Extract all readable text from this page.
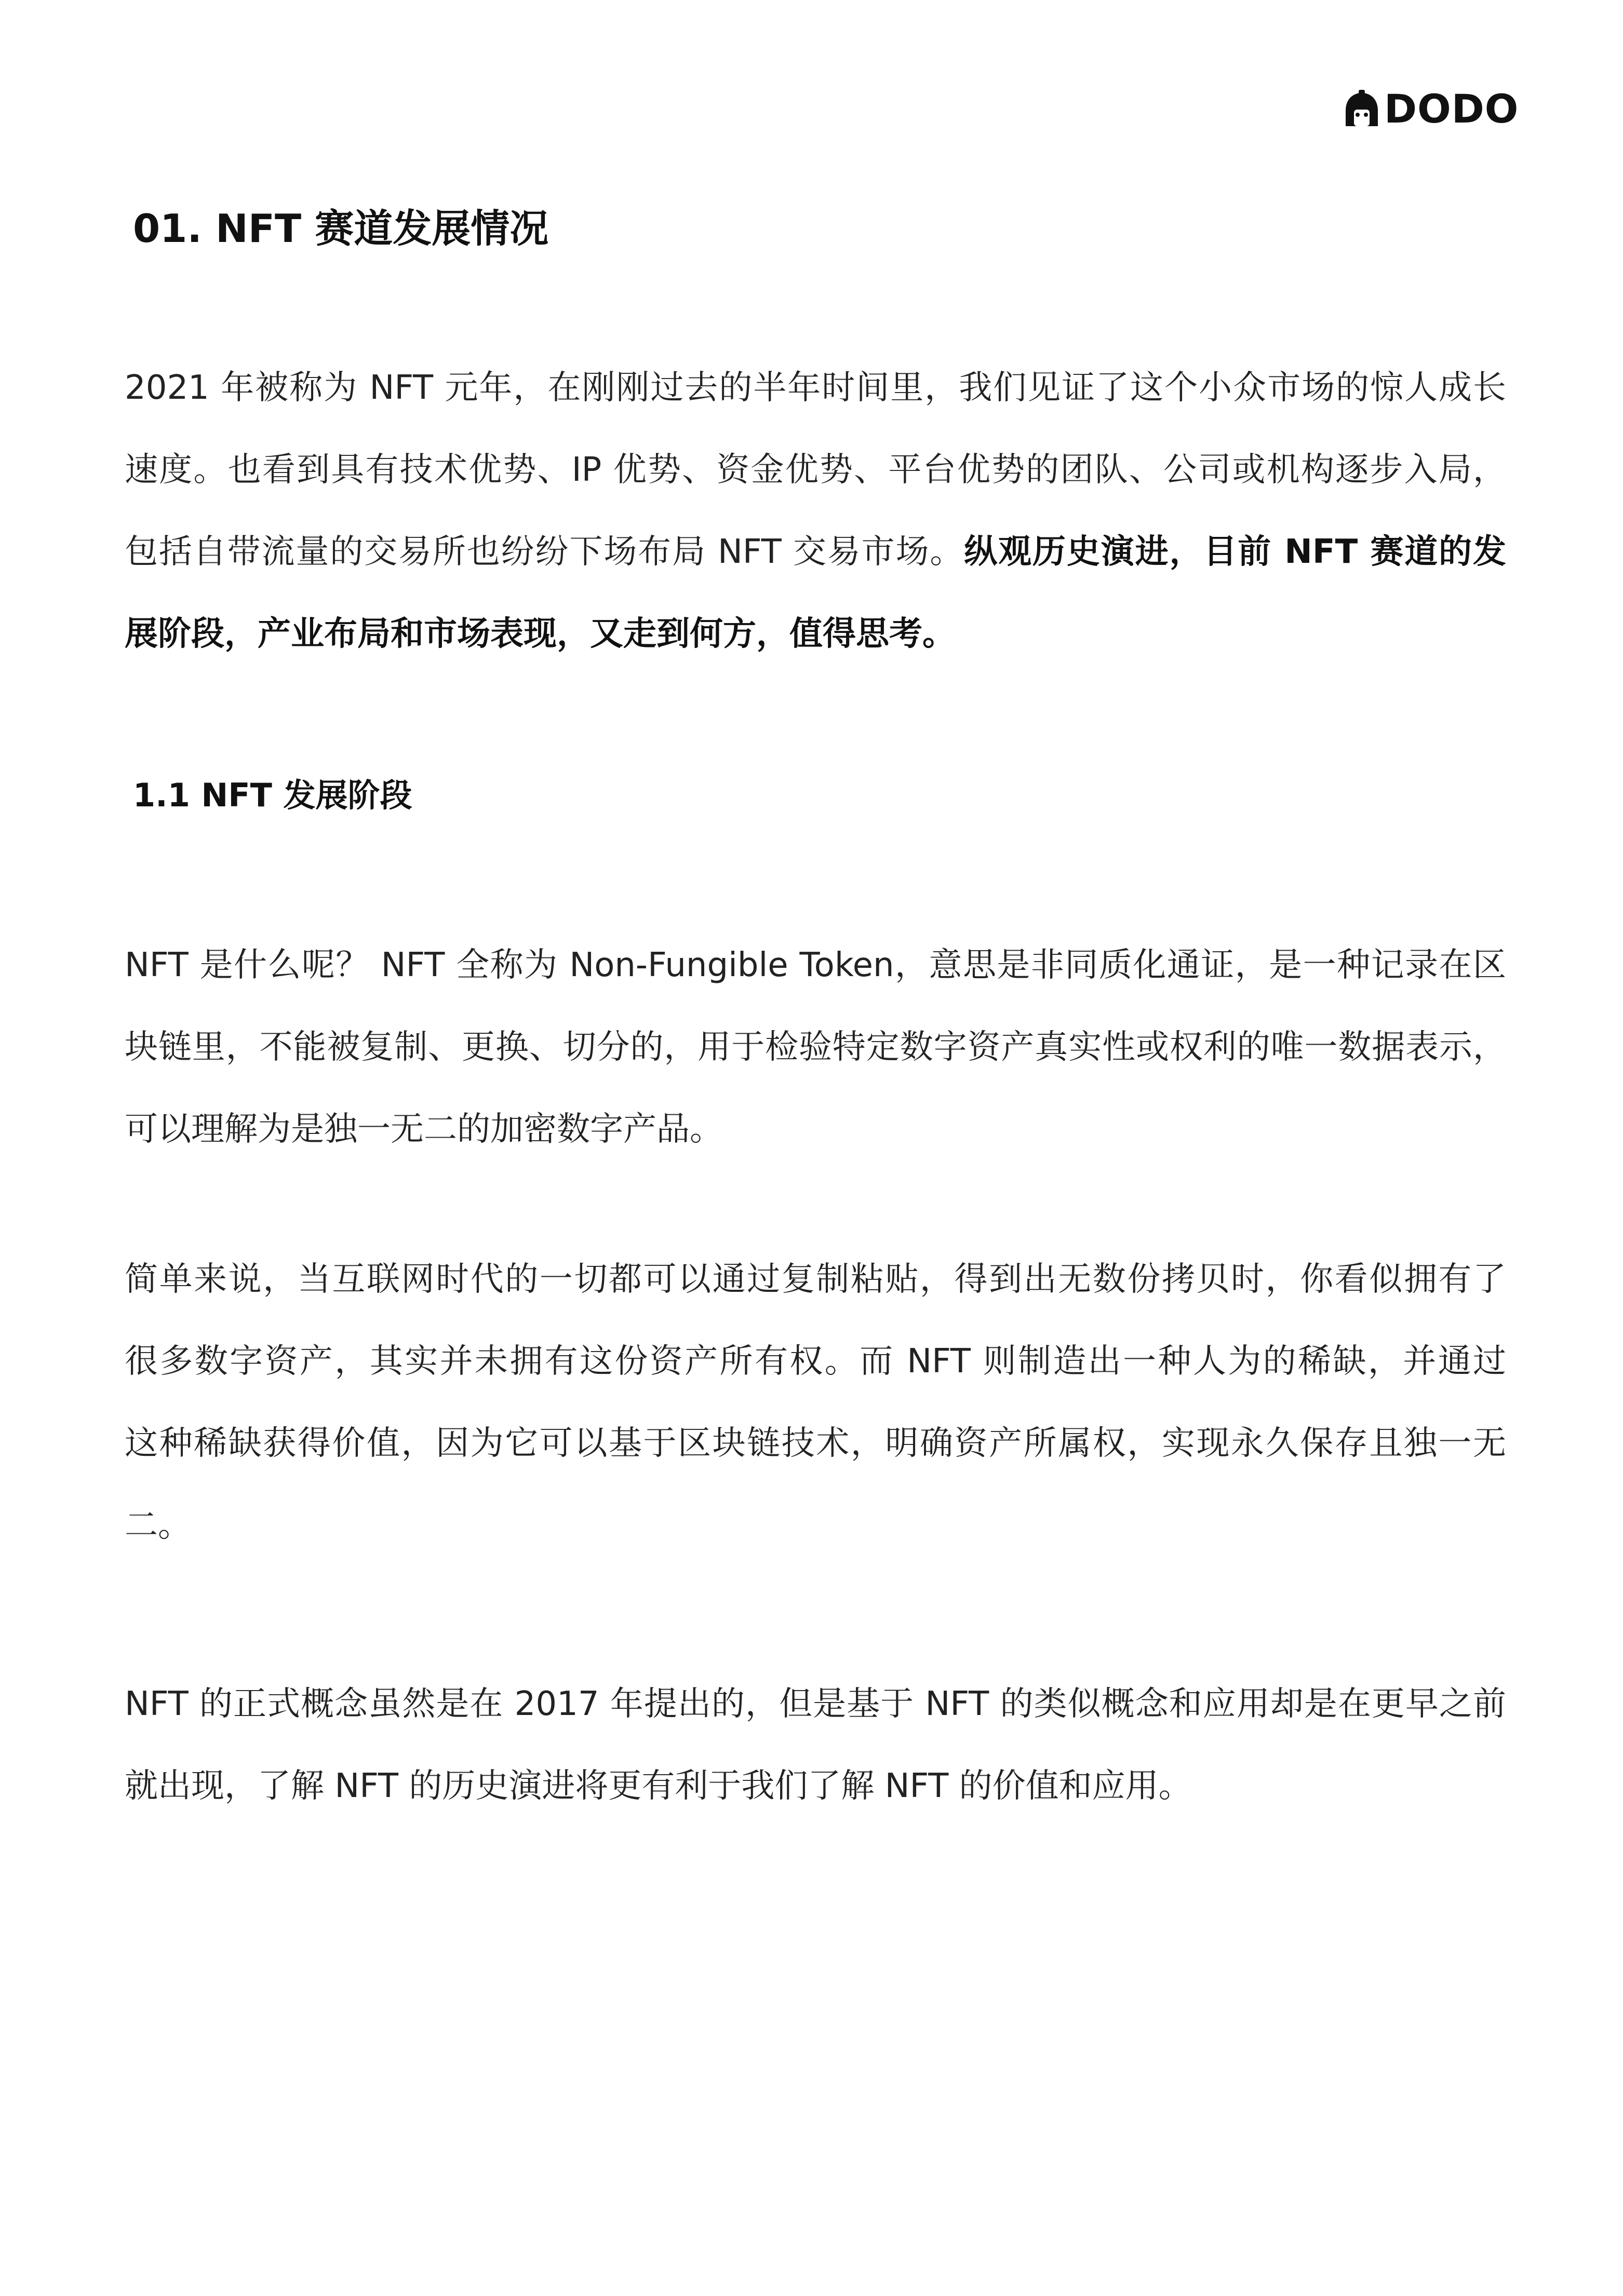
DODO
01. NFT 赛道发展情况
2021 年被称为 NFT 元年，在刚刚过去的半年时间里，我们见证了这个小众市场的惊人成长
速度。也看到具有技术优势、IP 优势、资金优势、平台优势的团队、公司或机构逐步入局，
包括自带流量的交易所也纷纷下场布局 NFT 交易市场。纵观历史演进，目前 NFT 赛道的发
展阶段，产业布局和市场表现，又走到何方，值得思考。
1.1 NFT 发展阶段
NFT 是什么呢？ NFT 全称为 Non-Fungible Token，意思是非同质化通证，是一种记录在区
块链里，不能被复制、更换、切分的，用于检验特定数字资产真实性或权利的唯一数据表示，
可以理解为是独一无二的加密数字产品。
简单来说，当互联网时代的一切都可以通过复制粘贴，得到出无数份拷贝时，你看似拥有了
很多数字资产，其实并未拥有这份资产所有权。而 NFT 则制造出一种人为的稀缺，并通过
这种稀缺获得价值，因为它可以基于区块链技术，明确资产所属权，实现永久保存且独一无
二。
NFT 的正式概念虽然是在 2017 年提出的，但是基于 NFT 的类似概念和应用却是在更早之前
就出现，了解 NFT 的历史演进将更有利于我们了解 NFT 的价值和应用。
